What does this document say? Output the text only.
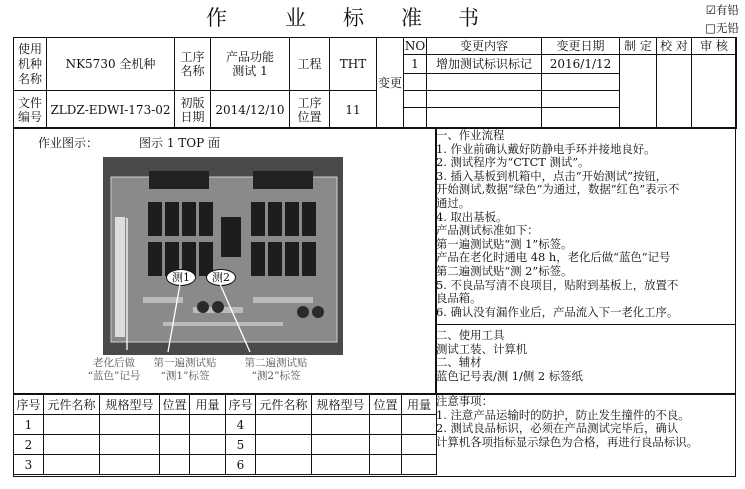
作	业 标 准 书	☑有铅
□无铅
使用机种名称	NK5730 全机种	工序名称	产品功能测试 1	工程	THT	变更	NO	变更内容	变更日期	制 定	校 对	审 核
							1	增加测试标识标记	2016/1/12			

文件编号	ZLDZ-EDWI-173-02	初版日期	2014/12/10	工序位置	11							

作业图示：	图示 1 TOP 面
测1	测2
老化后做
“蓝色”记号
第一遍测试贴
“测1”标签
第二遍测试贴
“测2”标签
一、作业流程
1. 作业前确认戴好防静电手环并接地良好。
2. 测试程序为“CTCT 测试”。
3. 插入基板到机箱中，点击“开始测试”按钮，
开始测试,数据“绿色”为通过，数据“红色”表示不
通过。
4. 取出基板。
产品测试标准如下：
第一遍测试贴“测 1”标签。
产品在老化时通电 48 h，老化后做“蓝色”记号
第二遍测试贴“测 2”标签。
5. 不良品写清不良项目，贴附到基板上，放置不
良品箱。
6. 确认没有漏作业后，产品流入下一老化工序。
二、使用工具
测试工装、计算机
二、辅材
蓝色记号表/测 1/侧 2 标签纸
注意事项：
1. 注意产品运输时的防护，防止发生撞件的不良。
2. 测试良品标识，必须在产品测试完毕后，确认
计算机各项指标显示绿色为合格，再进行良品标识。
序号	元件名称	规格型号	位置	用量	序号	元件名称	规格型号	位置	用量
1					4				
2					5				
3					6				
